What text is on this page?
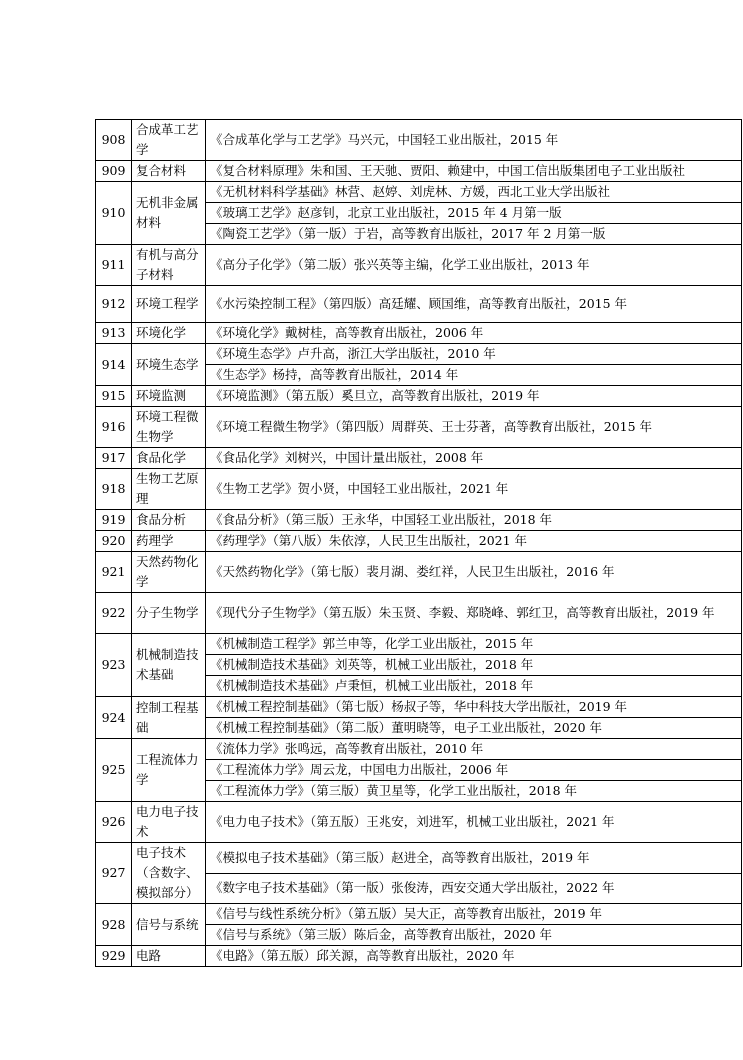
908	合成革工艺学	《合成革化学与工艺学》马兴元，中国轻工业出版社，2015 年
909	复合材料	《复合材料原理》朱和国、王天驰、贾阳、赖建中，中国工信出版集团电子工业出版社
910	无机非金属材料	《无机材料科学基础》林营、赵婷、刘虎林、方媛，西北工业大学出版社
		《玻璃工艺学》赵彦钊，北京工业出版社，2015 年 4 月第一版
		《陶瓷工艺学》（第一版）于岩，高等教育出版社，2017 年 2 月第一版
911	有机与高分子材料	《高分子化学》（第二版）张兴英等主编，化学工业出版社，2013 年
912	环境工程学	《水污染控制工程》（第四版）高廷耀、顾国维，高等教育出版社，2015 年
913	环境化学	《环境化学》戴树桂，高等教育出版社，2006 年
914	环境生态学	《环境生态学》卢升高，浙江大学出版社，2010 年
		《生态学》杨持，高等教育出版社，2014 年
915	环境监测	《环境监测》（第五版）奚旦立，高等教育出版社，2019 年
916	环境工程微生物学	《环境工程微生物学》（第四版）周群英、王士芬著，高等教育出版社，2015 年
917	食品化学	《食品化学》刘树兴，中国计量出版社，2008 年
918	生物工艺原理	《生物工艺学》贺小贤，中国轻工业出版社，2021 年
919	食品分析	《食品分析》（第三版）王永华，中国轻工业出版社，2018 年
920	药理学	《药理学》（第八版）朱依淳，人民卫生出版社，2021 年
921	天然药物化学	《天然药物化学》（第七版）裴月湖、娄红祥，人民卫生出版社，2016 年
922	分子生物学	《现代分子生物学》（第五版）朱玉贤、李毅、郑晓峰、郭红卫，高等教育出版社，2019 年
923	机械制造技术基础	《机械制造工程学》郭兰申等，化学工业出版社，2015 年
		《机械制造技术基础》刘英等，机械工业出版社，2018 年
		《机械制造技术基础》卢秉恒，机械工业出版社，2018 年
924	控制工程基础	《机械工程控制基础》（第七版）杨叔子等，华中科技大学出版社，2019 年
		《机械工程控制基础》（第二版）董明晓等，电子工业出版社，2020 年
925	工程流体力学	《流体力学》张鸣远，高等教育出版社，2010 年
		《工程流体力学》周云龙，中国电力出版社，2006 年
		《工程流体力学》（第三版）黄卫星等，化学工业出版社，2018 年
926	电力电子技术	《电力电子技术》（第五版）王兆安，刘进军，机械工业出版社，2021 年
927	电子技术（含数字、模拟部分）	《模拟电子技术基础》（第三版）赵进全，高等教育出版社，2019 年
		《数字电子技术基础》（第一版）张俊涛，西安交通大学出版社，2022 年
928	信号与系统	《信号与线性系统分析》（第五版）吴大正，高等教育出版社，2019 年
		《信号与系统》（第三版）陈后金，高等教育出版社，2020 年
929	电路	《电路》（第五版）邱关源，高等教育出版社，2020 年
